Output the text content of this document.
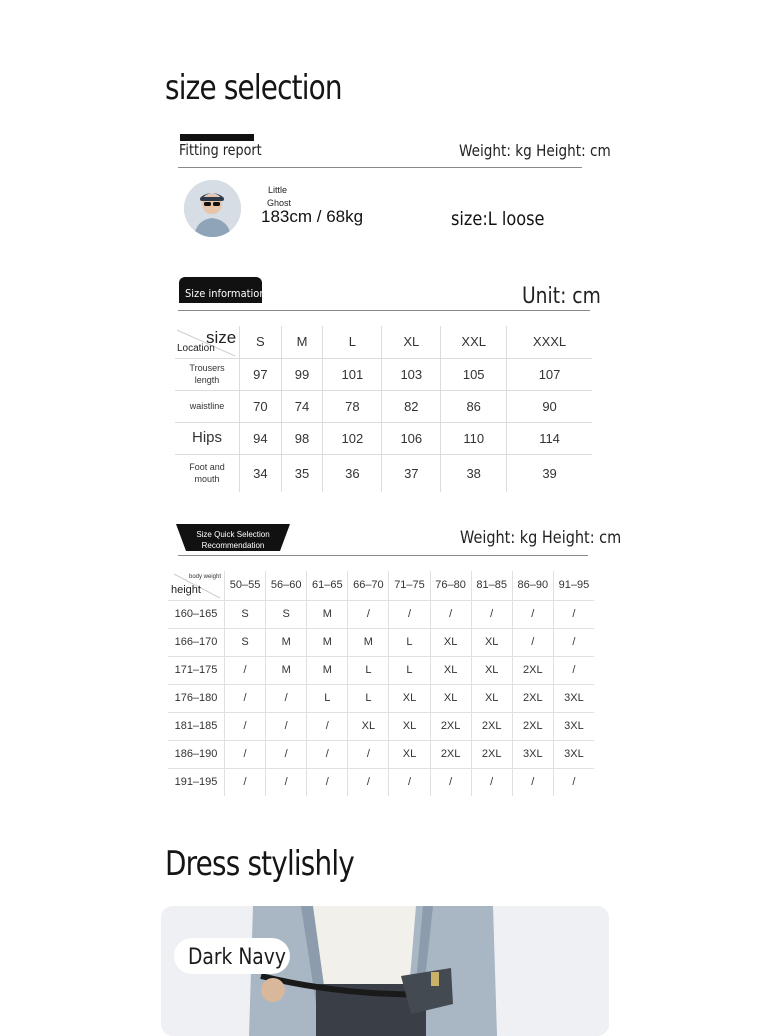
size selection
Fitting report	Weight: kg Height: cm
Little
Ghost
183cm / 68kg	size:L loose
Size information	Unit: cm
size
Location	S	M	L	XL	XXL	XXXL
Trousers length	97	99	101	103	105	107
waistline	70	74	78	82	86	90
Hips	94	98	102	106	110	114
Foot and mouth	34	35	36	37	38	39
Size Quick Selection
Recommendation	Weight: kg Height: cm
body weight
height	50–55	56–60	61–65	66–70	71–75	76–80	81–85	86–90	91–95
160–165	S	S	M	/	/	/	/	/	/
166–170	S	M	M	M	L	XL	XL	/	/
171–175	/	M	M	L	L	XL	XL	2XL	/
176–180	/	/	L	L	XL	XL	XL	2XL	3XL
181–185	/	/	/	XL	XL	2XL	2XL	2XL	3XL
186–190	/	/	/	/	XL	2XL	2XL	3XL	3XL
191–195	/	/	/	/	/	/	/	/	/
Dress stylishly
Dark Navy
